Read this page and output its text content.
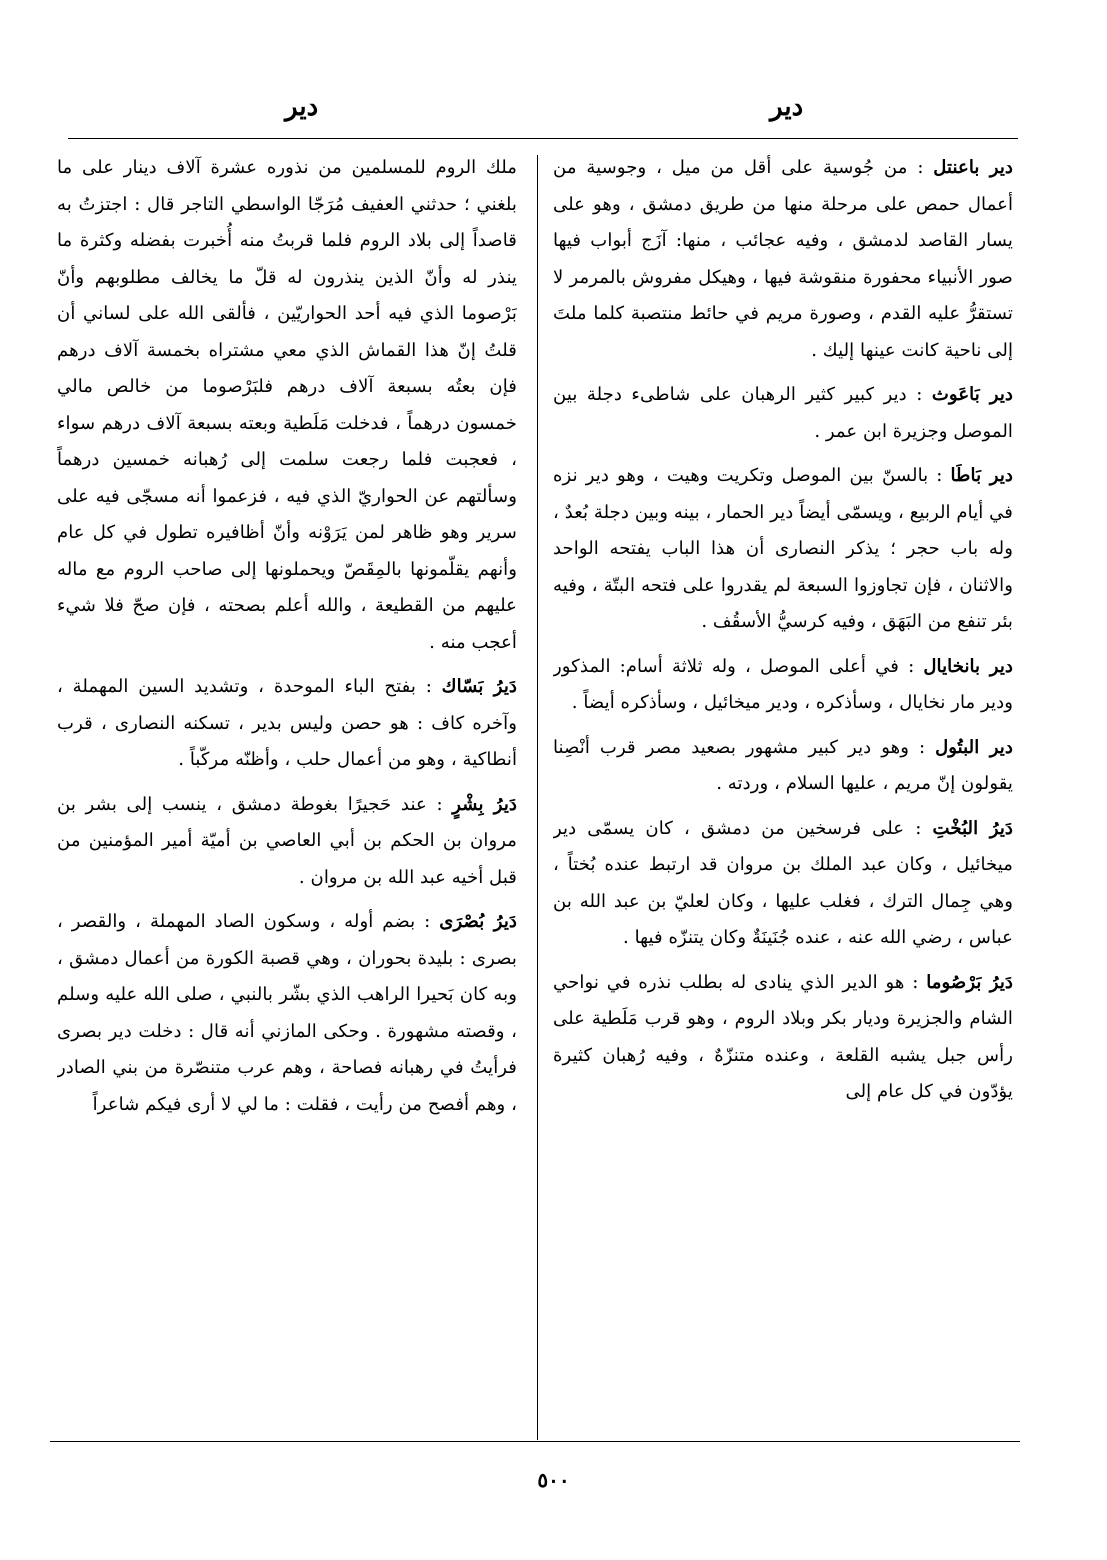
دير
دير

دير باعنتل : من جُوسية على أقل من ميل ، وجوسية من أعمال حمص على مرحلة منها من طريق دمشق ، وهو على يسار القاصد لدمشق ، وفيه عجائب ، منها: آزَج أبواب فيها صور الأنبياء محفورة منقوشة فيها ، وهيكل مفروش بالمرمر لا تستقرُّ عليه القدم ، وصورة مريم في حائط منتصبة كلما ملتَ إلى ناحية كانت عينها إليك .

دير بَاعَوث : دير كبير كثير الرهبان على شاطىء دجلة بين الموصل وجزيرة ابن عمر .

دير بَاطَا : بالسنّ بين الموصل وتكريت وهيت ، وهو دير نزه في أيام الربيع ، ويسمّى أيضاً دير الحمار ، بينه وبين دجلة بُعدٌ ، وله باب حجر ؛ يذكر النصارى أن هذا الباب يفتحه الواحد والاثنان ، فإن تجاوزوا السبعة لم يقدروا على فتحه البتّة ، وفيه بئر تنفع من البَهَق ، وفيه كرسيُّ الأسقُف .

دير بانخايال : في أعلى الموصل ، وله ثلاثة أسام: المذكور ودير مار نخايال ، وسأذكره ، ودير ميخائيل ، وسأذكره أيضاً .

دير البتُول : وهو دير كبير مشهور بصعيد مصر قرب أنْصِنا يقولون إنّ مريم ، عليها السلام ، وردته .

دَيرُ البُخْتِ : على فرسخين من دمشق ، كان يسمّى دير ميخائيل ، وكان عبد الملك بن مروان قد ارتبط عنده بُختاً ، وهي جِمال الترك ، فغلب عليها ، وكان لعليّ بن عبد الله بن عباس ، رضي الله عنه ، عنده جُنَينَةٌ وكان يتنزّه فيها .

دَيرُ بَرْصُوما : هو الدير الذي ينادى له بطلب نذره في نواحي الشام والجزيرة وديار بكر وبلاد الروم ، وهو قرب مَلَطية على رأس جبل يشبه القلعة ، وعنده متنزّهٌ ، وفيه رُهبان كثيرة يؤدّون في كل عام إلى

ملك الروم للمسلمين من نذوره عشرة آلاف دينار على ما بلغني ؛ حدثني العفيف مُرَجّا الواسطي التاجر قال : اجتزتُ به قاصداً إلى بلاد الروم فلما قربتُ منه أُخبرت بفضله وكثرة ما ينذر له وأنّ الذين ينذرون له قلّ ما يخالف مطلوبهم وأنّ بَرْصوما الذي فيه أحد الحواريّين ، فألقى الله على لساني أن قلتُ إنّ هذا القماش الذي معي مشتراه بخمسة آلاف درهم فإن بعتُه بسبعة آلاف درهم فلبَرْصوما من خالص مالي خمسون درهماً ، فدخلت مَلَطية وبعته بسبعة آلاف درهم سواء ، فعجبت فلما رجعت سلمت إلى رُهبانه خمسين درهماً وسألتهم عن الحواريّ الذي فيه ، فزعموا أنه مسجّى فيه على سرير وهو ظاهر لمن يَرَوْنه وأنّ أظافيره تطول في كل عام وأنهم يقلّمونها بالمِقَصّ ويحملونها إلى صاحب الروم مع ماله عليهم من القطيعة ، والله أعلم بصحته ، فإن صحّ فلا شيء أعجب منه .

دَيرُ بَسّاك : بفتح الباء الموحدة ، وتشديد السين المهملة ، وآخره كاف : هو حصن وليس بدير ، تسكنه النصارى ، قرب أنطاكية ، وهو من أعمال حلب ، وأظنّه مركّباً .

دَيرُ بِشْرٍ : عند حَجيرًا بغوطة دمشق ، ينسب إلى بشر بن مروان بن الحكم بن أبي العاصي بن أميّة أمير المؤمنين من قبل أخيه عبد الله بن مروان .

دَيرُ بُصْرَى : بضم أوله ، وسكون الصاد المهملة ، والقصر ، بصرى : بليدة بحوران ، وهي قصبة الكورة من أعمال دمشق ، وبه كان بَحيرا الراهب الذي بشّر بالنبي ، صلى الله عليه وسلم ، وقصته مشهورة . وحكى المازني أنه قال : دخلت دير بصرى فرأيتُ في رهبانه فصاحة ، وهم عرب متنصّرة من بني الصادر ، وهم أفصح من رأيت ، فقلت : ما لي لا أرى فيكم شاعراً

٥٠٠
